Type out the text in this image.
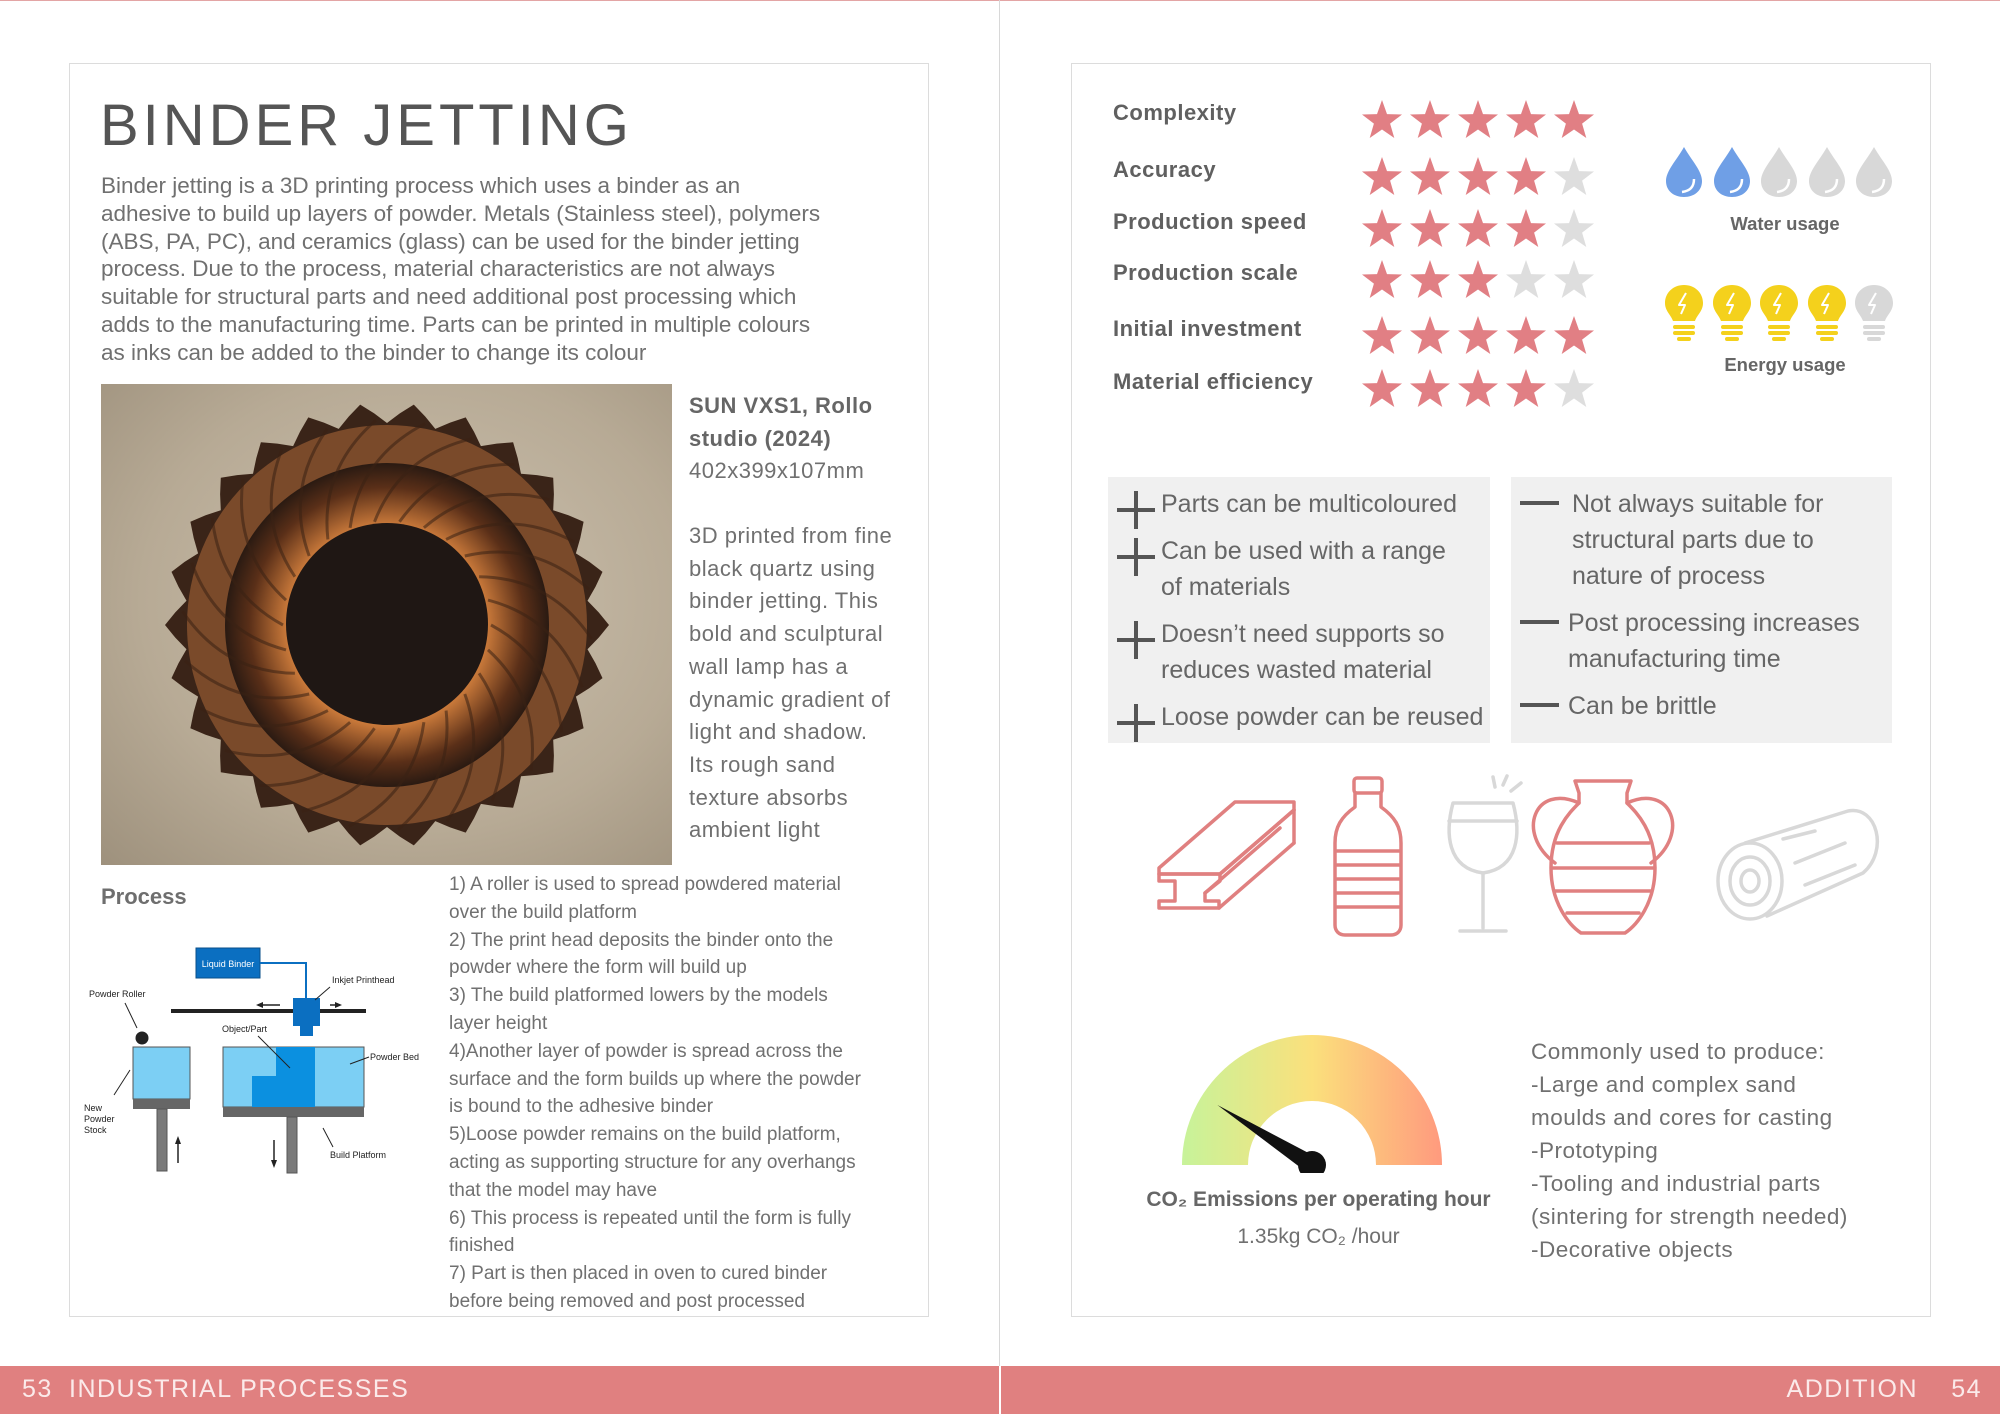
BINDER JETTING
Binder jetting is a 3D printing process which uses a binder as an
adhesive to build up layers of powder. Metals (Stainless steel), polymers
(ABS, PA, PC), and ceramics (glass) can be used for the binder jetting
process. Due to the process, material characteristics are not always
suitable for structural parts and need additional post processing which
adds to the manufacturing time. Parts can be printed in multiple colours
as inks can be added to the binder to change its colour
SUN VXS1, Rollo
studio (2024)
402x399x107mm
3D printed from fine
black quartz using
binder jetting. This
bold and sculptural
wall lamp has a
dynamic gradient of
light and shadow.
Its rough sand
texture absorbs
ambient light
Process
Liquid Binder
Inkjet Printhead
Powder Roller
New Powder Stock
Object/Part
Powder Bed
Build Platform
1) A roller is used to spread powdered material
over the build platform
2) The print head deposits the binder onto the
powder where the form will build up
3) The build platformed lowers by the models
layer height
4)Another layer of powder is spread across the
surface and the form builds up where the powder
is bound to the adhesive binder
5)Loose powder remains on the build platform,
acting as supporting structure for any overhangs
that the model may have
6) This process is repeated until the form is fully
finished
7) Part is then placed in oven to cured binder
before being removed and post processed
Complexity
Accuracy
Production speed
Production scale
Initial investment
Material efficiency
Water usage
Energy usage
Parts can be multicoloured
Can be used with a range
of materials
Doesn’t need supports so
reduces wasted material
Loose powder can be reused
Not always suitable for
structural parts due to
nature of process
Post processing increases
manufacturing time
Can be brittle
CO₂ Emissions per operating hour
1.35kg CO₂ /hour
Commonly used to produce:
-Large and complex sand
moulds and cores for casting
-Prototyping
-Tooling and industrial parts
(sintering for strength needed)
-Decorative objects
53 INDUSTRIAL PROCESSES	ADDITION 54
